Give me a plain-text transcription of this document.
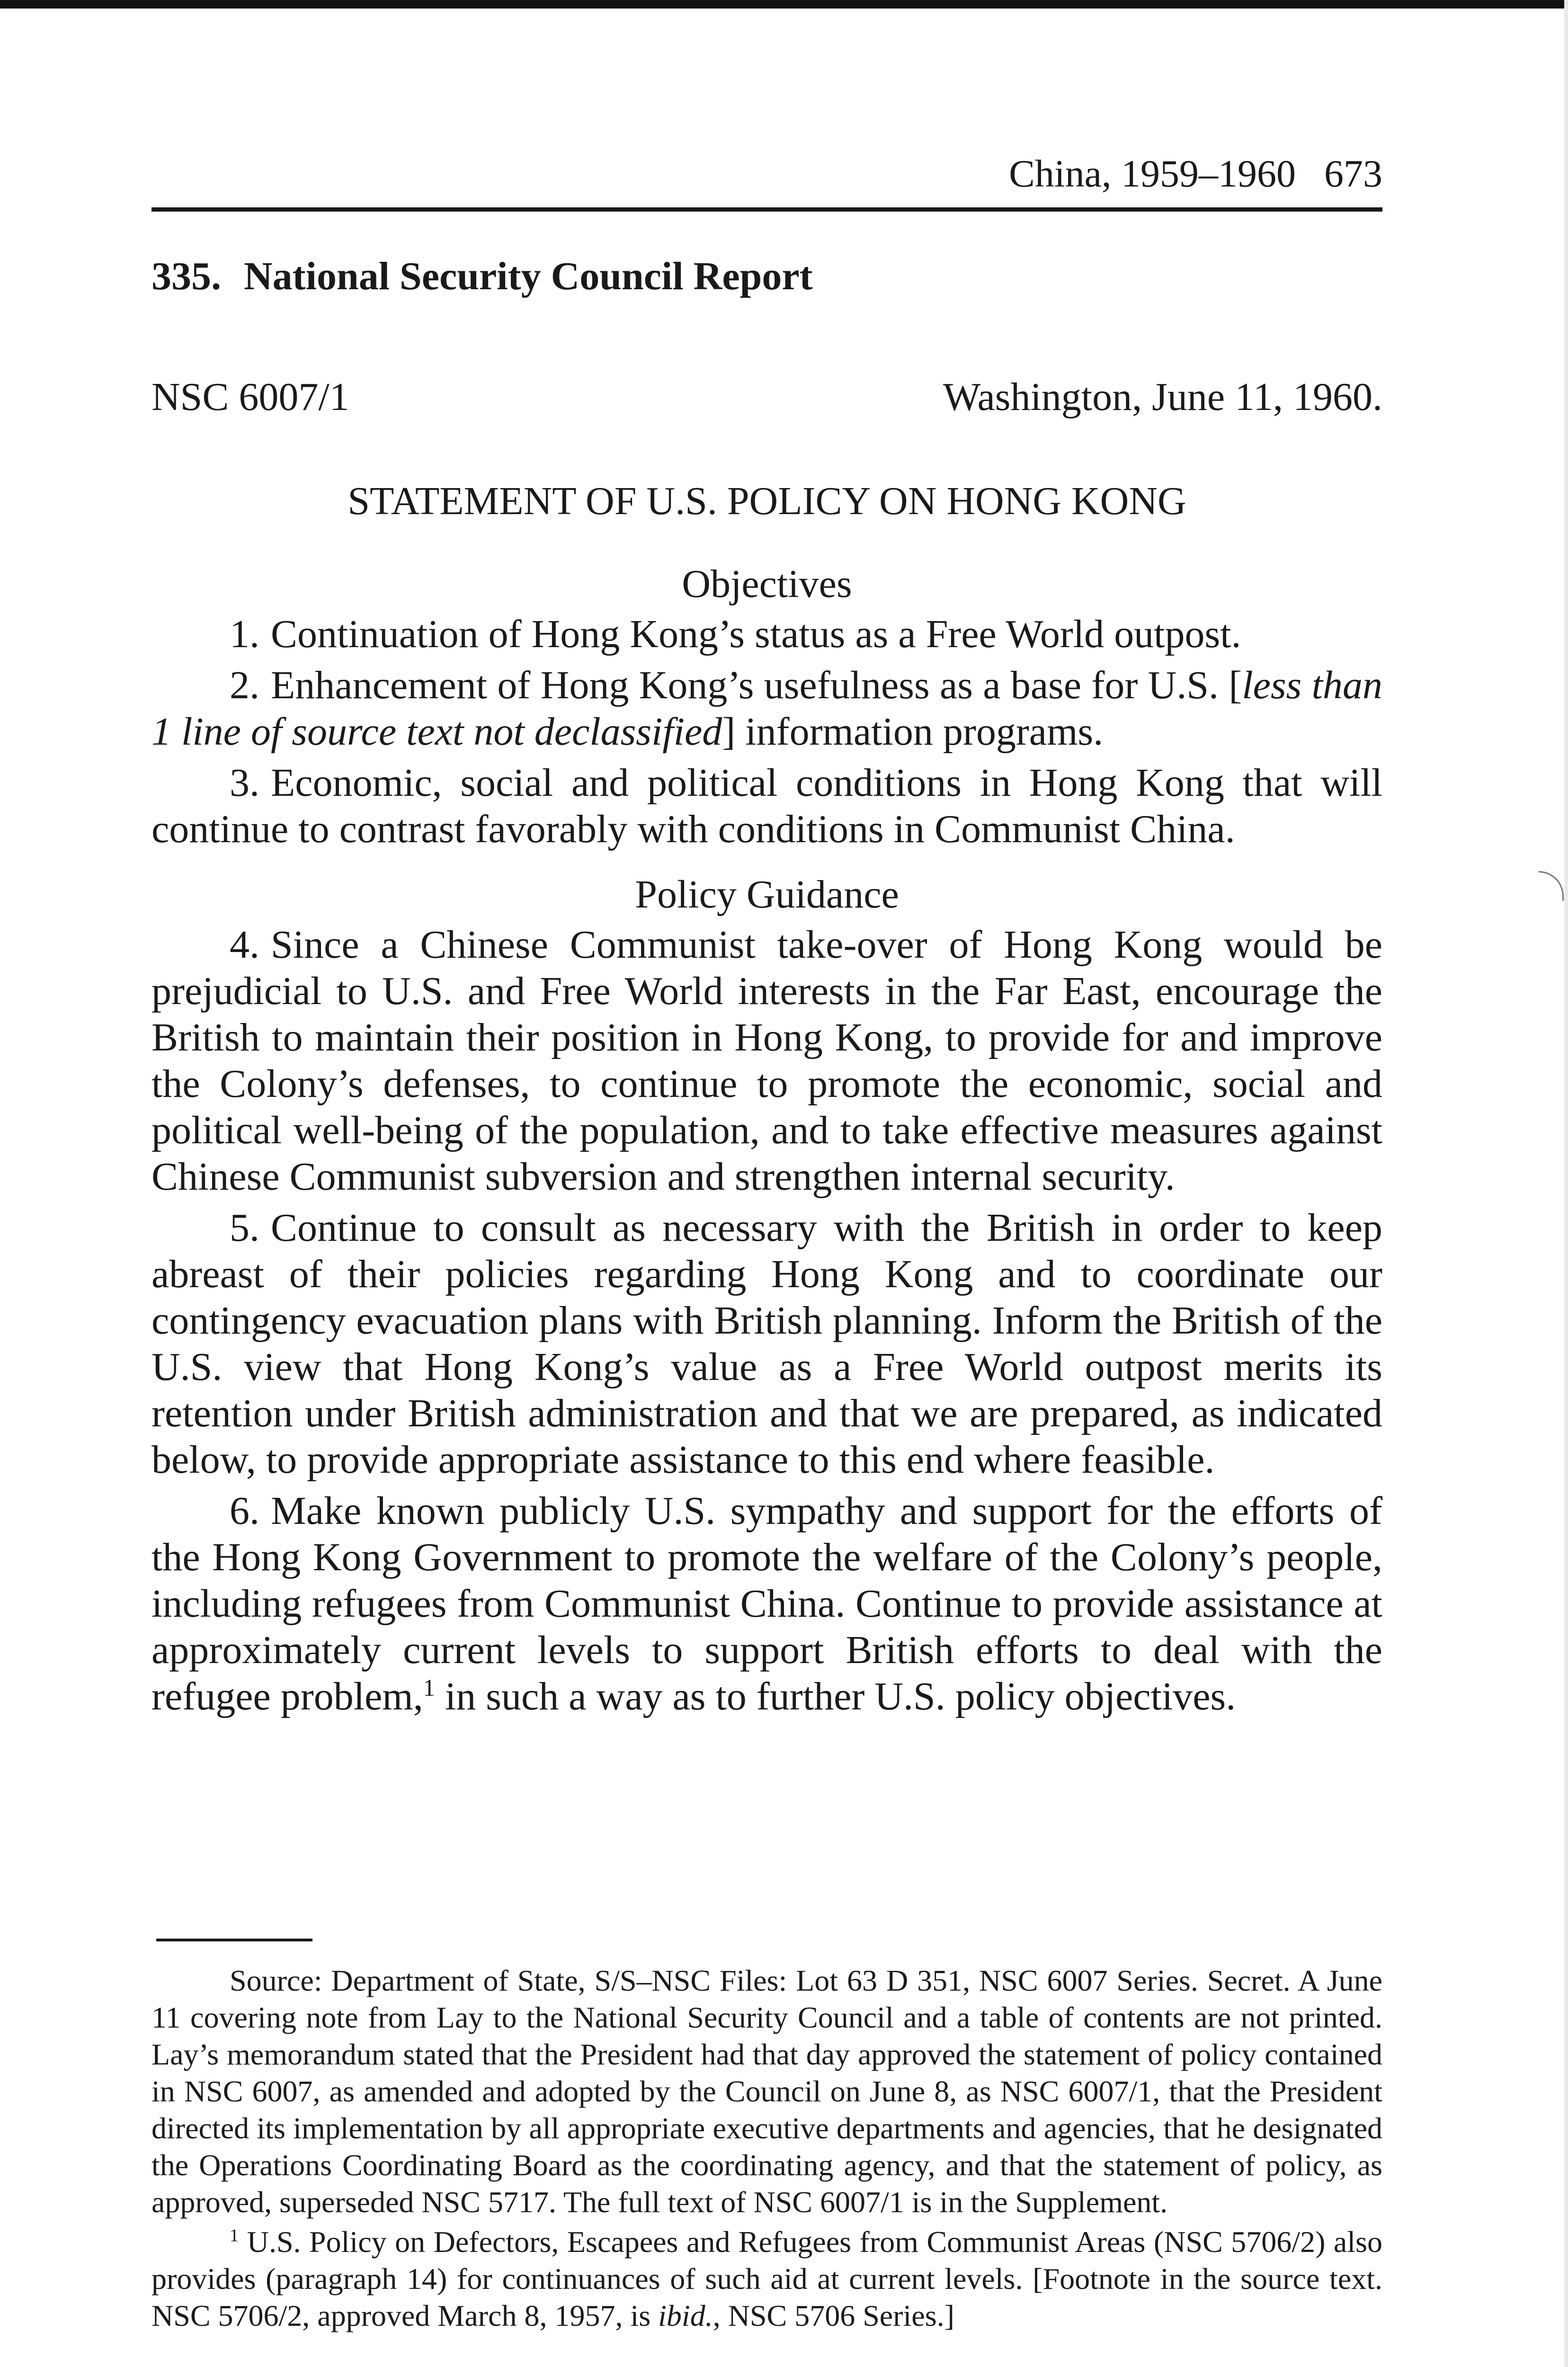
China, 1959–1960 673
335. National Security Council Report
NSC 6007/1	Washington, June 11, 1960.
STATEMENT OF U.S. POLICY ON HONG KONG
Objectives

1. Continuation of Hong Kong’s status as a Free World outpost.

2. Enhancement of Hong Kong’s usefulness as a base for U.S. [less than 1 line of source text not declassified] information programs.

3. Economic, social and political conditions in Hong Kong that will continue to contrast favorably with conditions in Communist China.

Policy Guidance

4. Since a Chinese Communist take-over of Hong Kong would be prejudicial to U.S. and Free World interests in the Far East, encourage the British to maintain their position in Hong Kong, to provide for and improve the Colony’s defenses, to continue to promote the economic, social and political well-being of the population, and to take effective measures against Chinese Communist subversion and strengthen internal security.

5. Continue to consult as necessary with the British in order to keep abreast of their policies regarding Hong Kong and to coordinate our contingency evacuation plans with British planning. Inform the British of the U.S. view that Hong Kong’s value as a Free World outpost merits its retention under British administration and that we are prepared, as indicated below, to provide appropriate assistance to this end where feasible.

6. Make known publicly U.S. sympathy and support for the efforts of the Hong Kong Government to promote the welfare of the Colony’s people, including refugees from Communist China. Continue to provide assistance at approximately current levels to support British efforts to deal with the refugee problem,$^1$ in such a way as to further U.S. policy objectives.

Source: Department of State, S/S–NSC Files: Lot 63 D 351, NSC 6007 Series. Secret. A June 11 covering note from Lay to the National Security Council and a table of contents are not printed. Lay’s memorandum stated that the President had that day approved the statement of policy contained in NSC 6007, as amended and adopted by the Council on June 8, as NSC 6007/1, that the President directed its implementation by all appropriate executive departments and agencies, that he designated the Operations Coordinating Board as the coordinating agency, and that the statement of policy, as approved, superseded NSC 5717. The full text of NSC 6007/1 is in the Supplement.

$^1$ U.S. Policy on Defectors, Escapees and Refugees from Communist Areas (NSC 5706/2) also provides (paragraph 14) for continuances of such aid at current levels. [Footnote in the source text. NSC 5706/2, approved March 8, 1957, is ibid., NSC 5706 Series.]
